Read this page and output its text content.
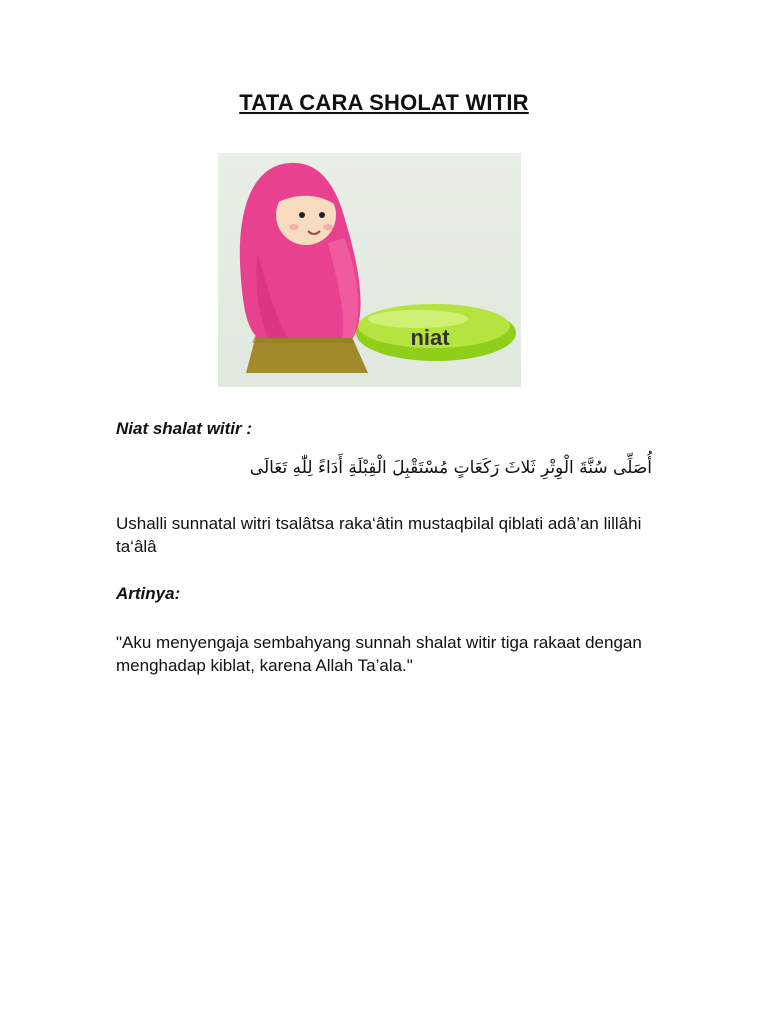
TATA CARA SHOLAT WITIR
niat
Niat shalat witir :
أُصَلِّى سُنَّةَ الْوِتْرِ ثَلاثَ رَكَعَاتٍ مُسْتَقْبِلَ الْقِبْلَةِ أَدَاءً لِلّٰهِ تَعَالَى
Ushalli sunnatal witri tsalâtsa raka‘âtin mustaqbilal qiblati adâ’an lillâhi ta‘âlâ
Artinya:
"Aku menyengaja sembahyang sunnah shalat witir tiga rakaat dengan menghadap kiblat, karena Allah Ta’ala."
